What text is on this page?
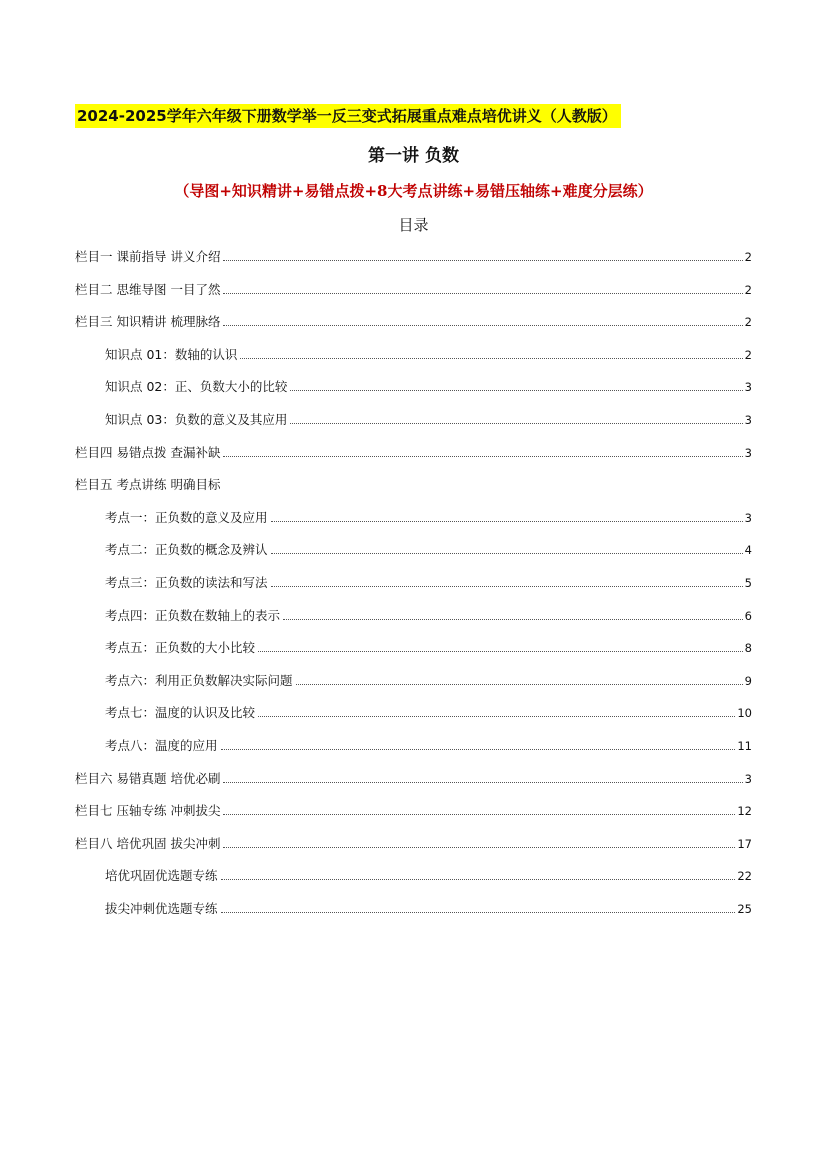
2024-2025学年六年级下册数学举一反三变式拓展重点难点培优讲义（人教版）
第一讲 负数
（导图+知识精讲+易错点拨+8大考点讲练+易错压轴练+难度分层练）
目录
栏目一 课前指导 讲义介绍	2
栏目二 思维导图 一目了然	2
栏目三 知识精讲 梳理脉络	2
知识点 01：数轴的认识	2
知识点 02：正、负数大小的比较	3
知识点 03：负数的意义及其应用	3
栏目四 易错点拨 查漏补缺	3
栏目五 考点讲练 明确目标
考点一：正负数的意义及应用	3
考点二：正负数的概念及辨认	4
考点三：正负数的读法和写法	5
考点四：正负数在数轴上的表示	6
考点五：正负数的大小比较	8
考点六：利用正负数解决实际问题	9
考点七：温度的认识及比较	10
考点八：温度的应用	11
栏目六 易错真题 培优必刷	3
栏目七 压轴专练 冲刺拔尖	12
栏目八 培优巩固 拔尖冲刺	17
培优巩固优选题专练	22
拔尖冲刺优选题专练	25
